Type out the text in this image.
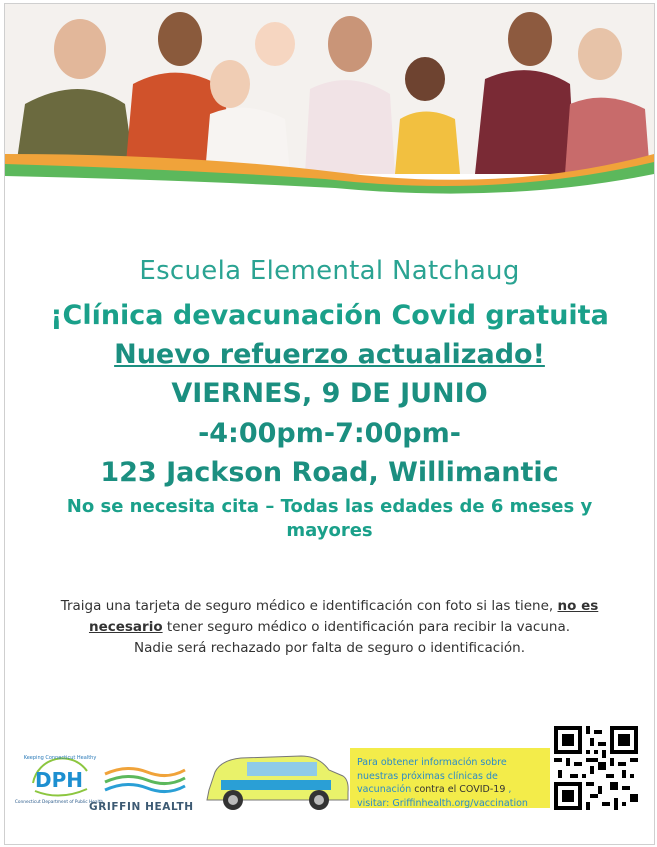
Escuela Elemental Natchaug
¡Clínica devacunación Covid gratuita
Nuevo refuerzo actualizado!
VIERNES, 9 DE JUNIO
-4:00pm-7:00pm-
123 Jackson Road, Willimantic
No se necesita cita – Todas las edades de 6 meses y mayores
Traiga una tarjeta de seguro médico e identificación con foto si las tiene, no es necesario tener seguro médico o identificación para recibir la vacuna.
Nadie será rechazado por falta de seguro o identificación.
Keeping Connecticut Healthy
DPH
Connecticut Department of Public Health
GRIFFIN HEALTH
Para obtener información sobre nuestras próximas clínicas de vacunación contra el COVID-19 ,
visitar: Griffinhealth.org/vaccination
